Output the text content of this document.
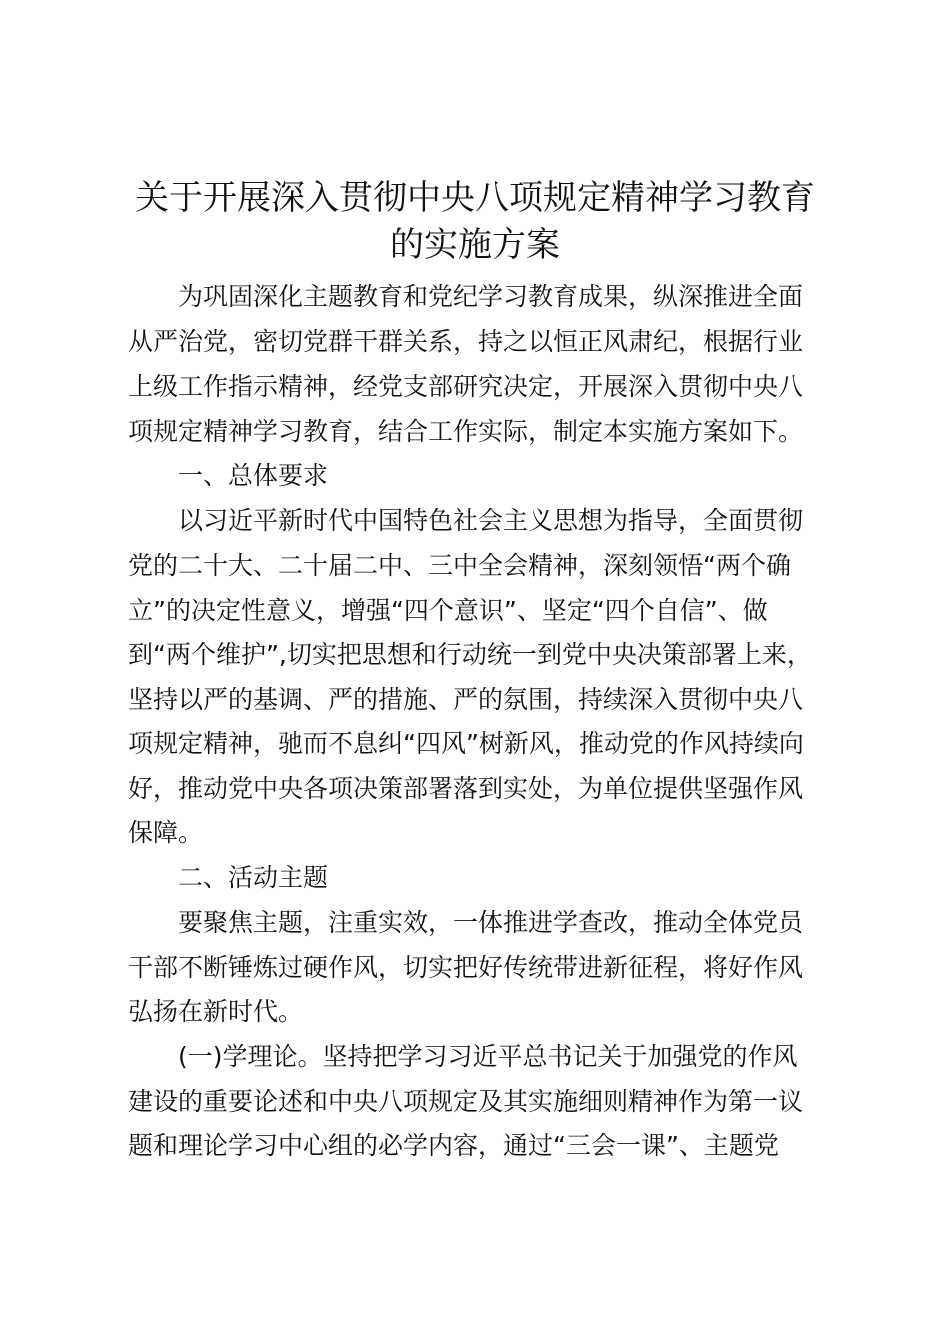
关于开展深入贯彻中央八项规定精神学习教育
的实施方案

　　为巩固深化主题教育和党纪学习教育成果，纵深推进全面

从严治党，密切党群干群关系，持之以恒正风肃纪，根据行业

上级工作指示精神，经党支部研究决定，开展深入贯彻中央八

项规定精神学习教育，结合工作实际，制定本实施方案如下。

　　一、总体要求

　　以习近平新时代中国特色社会主义思想为指导，全面贯彻

党的二十大、二十届二中、三中全会精神，深刻领悟“两个确

立”的决定性意义，增强“四个意识”、坚定“四个自信”、做

到“两个维护”,切实把思想和行动统一到党中央决策部署上来，

坚持以严的基调、严的措施、严的氛围，持续深入贯彻中央八

项规定精神，驰而不息纠“四风”树新风，推动党的作风持续向

好，推动党中央各项决策部署落到实处，为单位提供坚强作风

保障。

　　二、活动主题

　　要聚焦主题，注重实效，一体推进学查改，推动全体党员

干部不断锤炼过硬作风，切实把好传统带进新征程，将好作风

弘扬在新时代。

　　(一)学理论。坚持把学习习近平总书记关于加强党的作风

建设的重要论述和中央八项规定及其实施细则精神作为第一议

题和理论学习中心组的必学内容，通过“三会一课”、主题党
